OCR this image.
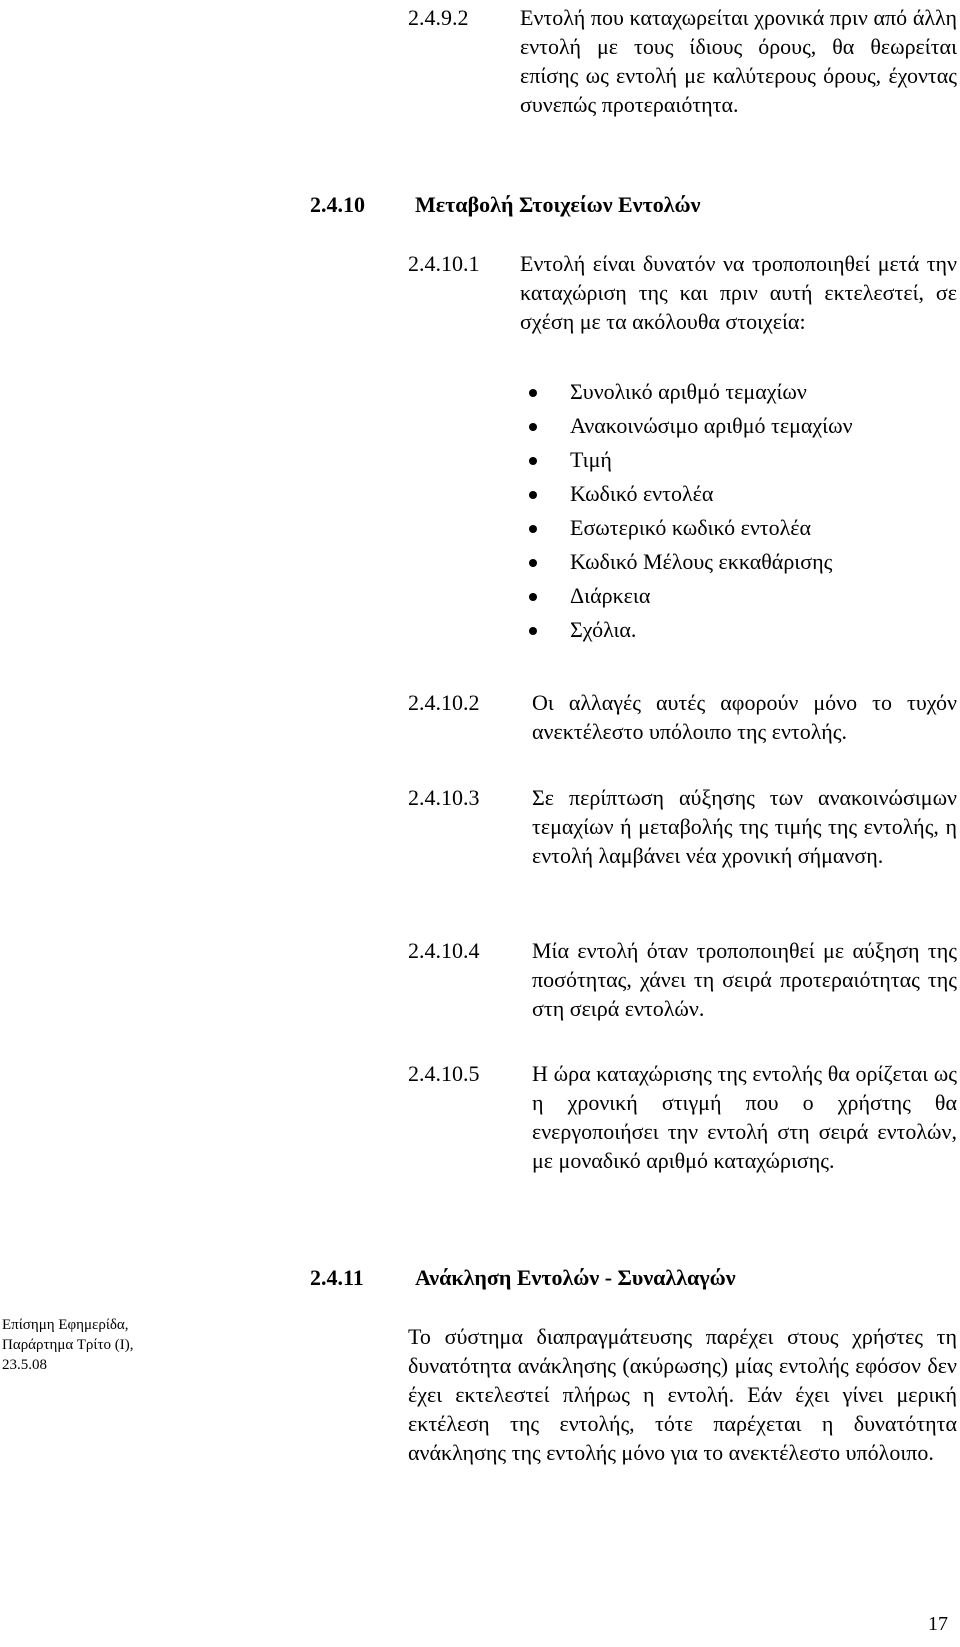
2.4.9.2 Εντολή που καταχωρείται χρονικά πριν από άλλη εντολή με τους ίδιους όρους, θα θεωρείται επίσης ως εντολή με καλύτερους όρους, έχοντας συνεπώς προτεραιότητα.
2.4.10 Μεταβολή Στοιχείων Εντολών
2.4.10.1 Εντολή είναι δυνατόν να τροποποιηθεί μετά την καταχώριση της και πριν αυτή εκτελεστεί, σε σχέση με τα ακόλουθα στοιχεία:
Συνολικό αριθμό τεμαχίων
Ανακοινώσιμο αριθμό τεμαχίων
Τιμή
Κωδικό εντολέα
Εσωτερικό κωδικό εντολέα
Κωδικό Μέλους εκκαθάρισης
Διάρκεια
Σχόλια.
2.4.10.2 Οι αλλαγές αυτές αφορούν μόνο το τυχόν ανεκτέλεστο υπόλοιπο της εντολής.
2.4.10.3 Σε περίπτωση αύξησης των ανακοινώσιμων τεμαχίων ή μεταβολής της τιμής της εντολής, η εντολή λαμβάνει νέα χρονική σήμανση.
2.4.10.4 Μία εντολή όταν τροποποιηθεί με αύξηση της ποσότητας, χάνει τη σειρά προτεραιότητας της στη σειρά εντολών.
2.4.10.5 Η ώρα καταχώρισης της εντολής θα ορίζεται ως η χρονική στιγμή που ο χρήστης θα ενεργοποιήσει την εντολή στη σειρά εντολών, με μοναδικό αριθμό καταχώρισης.
2.4.11 Ανάκληση Εντολών - Συναλλαγών
Το σύστημα διαπραγμάτευσης παρέχει στους χρήστες τη δυνατότητα ανάκλησης (ακύρωσης) μίας εντολής εφόσον δεν έχει εκτελεστεί πλήρως η εντολή. Εάν έχει γίνει μερική εκτέλεση της εντολής, τότε παρέχεται η δυνατότητα ανάκλησης της εντολής μόνο για το ανεκτέλεστο υπόλοιπο.
Επίσημη Εφημερίδα, Παράρτημα Τρίτο (Ι), 23.5.08
17
